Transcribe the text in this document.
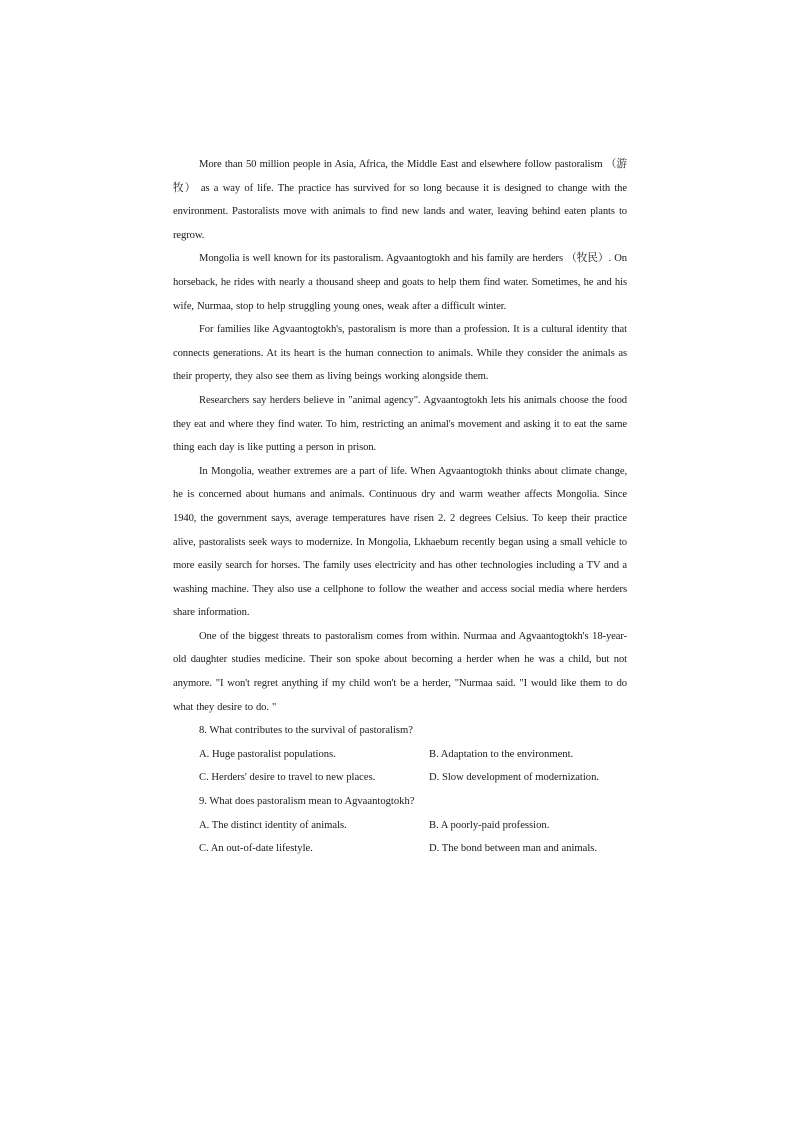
More than 50 million people in Asia, Africa, the Middle East and elsewhere follow pastoralism （游牧） as a way of life. The practice has survived for so long because it is designed to change with the environment. Pastoralists move with animals to find new lands and water, leaving behind eaten plants to regrow.

Mongolia is well known for its pastoralism. Agvaantogtokh and his family are herders （牧民）. On horseback, he rides with nearly a thousand sheep and goats to help them find water. Sometimes, he and his wife, Nurmaa, stop to help struggling young ones, weak after a difficult winter.

For families like Agvaantogtokh's, pastoralism is more than a profession. It is a cultural identity that connects generations. At its heart is the human connection to animals. While they consider the animals as their property, they also see them as living beings working alongside them.

Researchers say herders believe in "animal agency". Agvaantogtokh lets his animals choose the food they eat and where they find water. To him, restricting an animal's movement and asking it to eat the same thing each day is like putting a person in prison.

In Mongolia, weather extremes are a part of life. When Agvaantogtokh thinks about climate change, he is concerned about humans and animals. Continuous dry and warm weather affects Mongolia. Since 1940, the government says, average temperatures have risen 2. 2 degrees Celsius. To keep their practice alive, pastoralists seek ways to modernize. In Mongolia, Lkhaebum recently began using a small vehicle to more easily search for horses. The family uses electricity and has other technologies including a TV and a washing machine. They also use a cellphone to follow the weather and access social media where herders share information.

One of the biggest threats to pastoralism comes from within. Nurmaa and Agvaantogtokh's 18-year-old daughter studies medicine. Their son spoke about becoming a herder when he was a child, but not anymore. "I won't regret anything if my child won't be a herder, "Nurmaa said. "I would like them to do what they desire to do. "

8. What contributes to the survival of pastoralism?

A. Huge pastoralist populations.	B. Adaptation to the environment.

C. Herders' desire to travel to new places.	D. Slow development of modernization.

9. What does pastoralism mean to Agvaantogtokh?

A. The distinct identity of animals.	B. A poorly-paid profession.

C. An out-of-date lifestyle.	D. The bond between man and animals.
